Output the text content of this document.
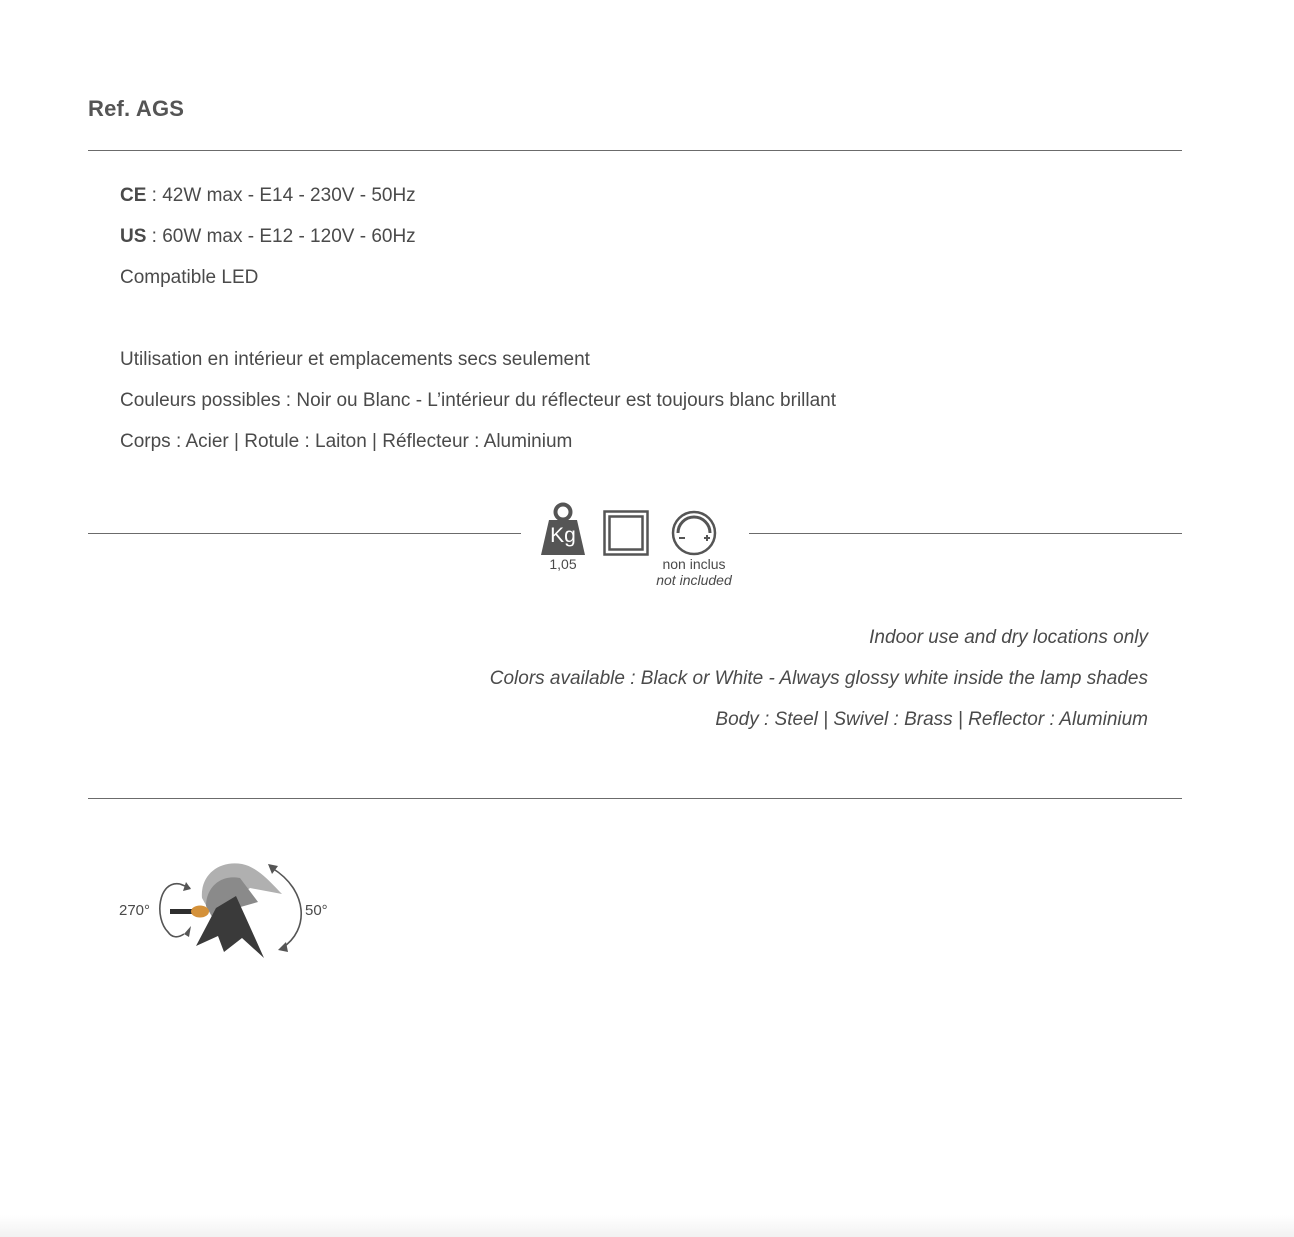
Ref. AGS
CE : 42W max - E14 - 230V - 50Hz
US : 60W max - E12 - 120V - 60Hz
Compatible LED
Utilisation en intérieur et emplacements secs seulement
Couleurs possibles : Noir ou Blanc - L’intérieur du réflecteur est toujours blanc brillant
Corps : Acier | Rotule : Laiton | Réflecteur : Aluminium
Kg
1,05	non inclus
not included
Indoor use and dry locations only
Colors available : Black or White - Always glossy white inside the lamp shades
Body : Steel | Swivel : Brass | Reflector : Aluminium
270°	50°
